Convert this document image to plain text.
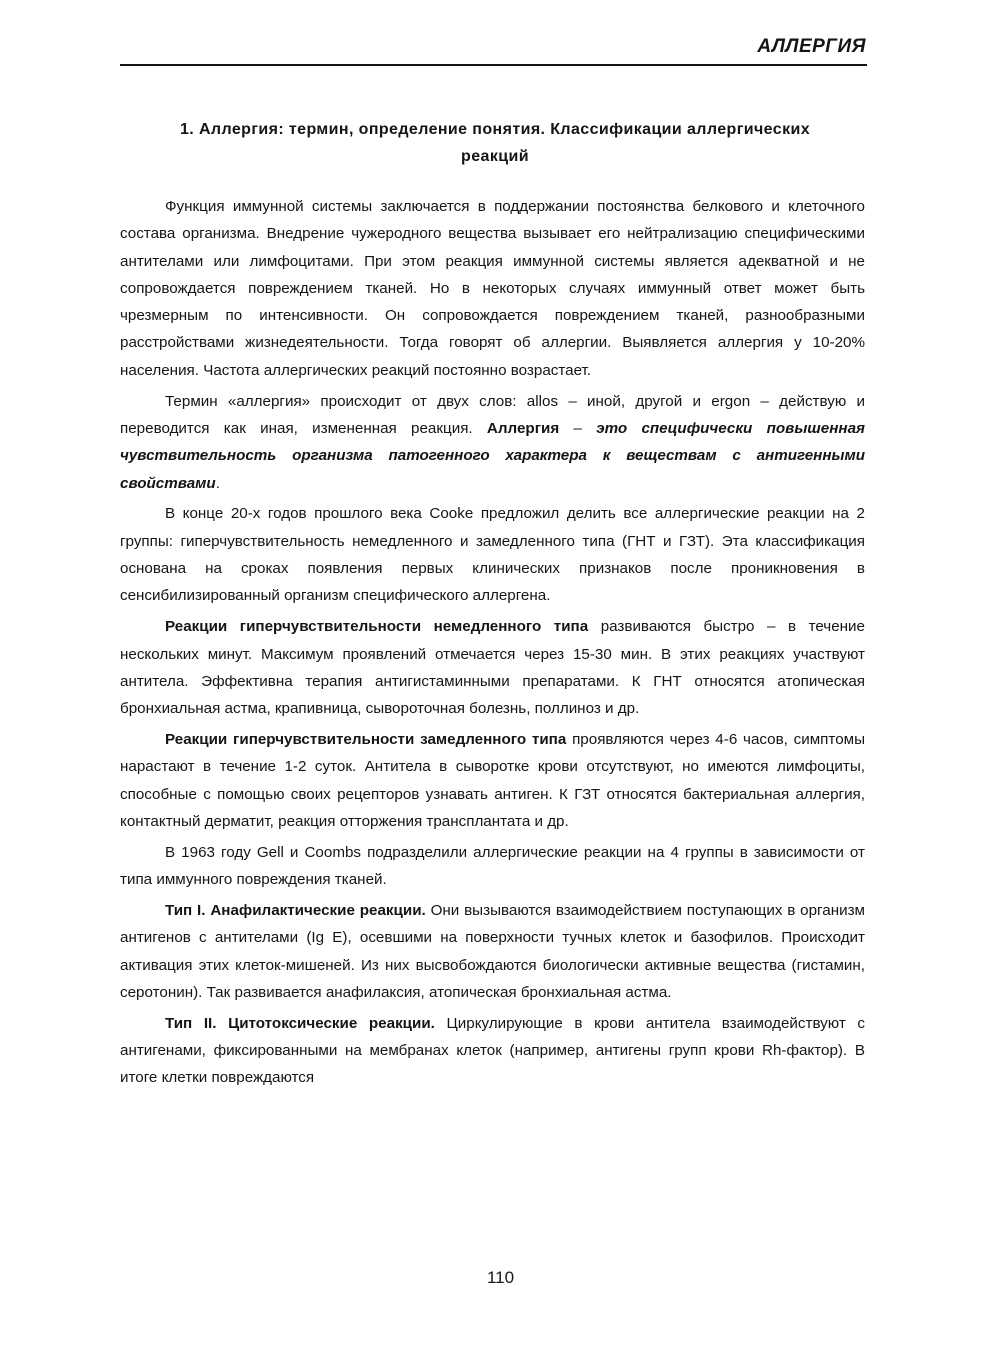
АЛЛЕРГИЯ
1. Аллергия: термин, определение понятия. Классификации аллергических реакций

Функция иммунной системы заключается в поддержании постоянства белкового и клеточного состава организма. Внедрение чужеродного вещества вызывает его нейтрализацию специфическими антителами или лимфоцитами. При этом реакция иммунной системы является адекватной и не сопровождается повреждением тканей. Но в некоторых случаях иммунный ответ может быть чрезмерным по интенсивности. Он сопровождается повреждением тканей, разнообразными расстройствами жизнедеятельности. Тогда говорят об аллергии. Выявляется аллергия у 10-20% населения. Частота аллергических реакций постоянно возрастает.

Термин «аллергия» происходит от двух слов: allos – иной, другой и ergon – действую и переводится как иная, измененная реакция. Аллергия – это специфически повышенная чувствительность организма патогенного характера к веществам с антигенными свойствами.

В конце 20-х годов прошлого века Cooke предложил делить все аллергические реакции на 2 группы: гиперчувствительность немедленного и замедленного типа (ГНТ и ГЗТ). Эта классификация основана на сроках появления первых клинических признаков после проникновения в сенсибилизированный организм специфического аллергена.

Реакции гиперчувствительности немедленного типа развиваются быстро – в течение нескольких минут. Максимум проявлений отмечается через 15-30 мин. В этих реакциях участвуют антитела. Эффективна терапия антигистаминными препаратами. К ГНТ относятся атопическая бронхиальная астма, крапивница, сывороточная болезнь, поллиноз и др.

Реакции гиперчувствительности замедленного типа проявляются через 4-6 часов, симптомы нарастают в течение 1-2 суток. Антитела в сыворотке крови отсутствуют, но имеются лимфоциты, способные с помощью своих рецепторов узнавать антиген. К ГЗТ относятся бактериальная аллергия, контактный дерматит, реакция отторжения трансплантата и др.

В 1963 году Gell и Coombs подразделили аллергические реакции на 4 группы в зависимости от типа иммунного повреждения тканей.

Тип I. Анафилактические реакции. Они вызываются взаимодействием поступающих в организм антигенов с антителами (Ig E), осевшими на поверхности тучных клеток и базофилов. Происходит активация этих клеток-мишеней. Из них высвобождаются биологически активные вещества (гистамин, серотонин). Так развивается анафилаксия, атопическая бронхиальная астма.

Тип II. Цитотоксические реакции. Циркулирующие в крови антитела взаимодействуют с антигенами, фиксированными на мембранах клеток (например, антигены групп крови Rh-фактор). В итоге клетки повреждаются

110
